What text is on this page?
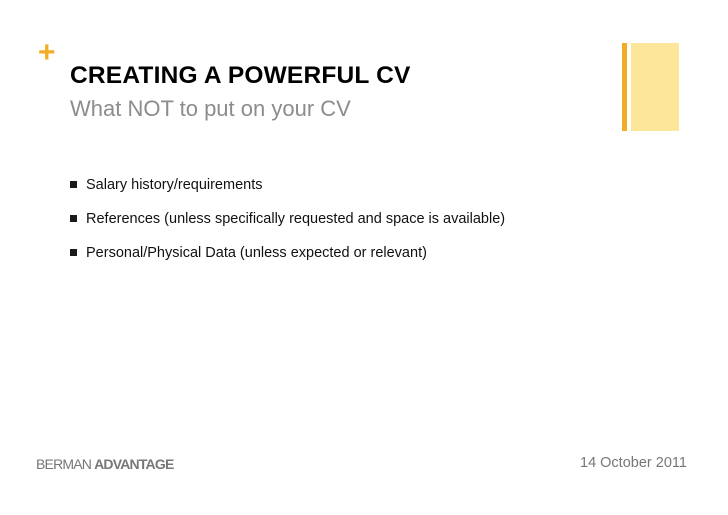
+
CREATING A POWERFUL CV
What NOT to put on your CV
Salary history/requirements
References (unless specifically requested and space is available)
Personal/Physical Data (unless expected or relevant)
BERMAN ADVANTAGE	14 October 2011
